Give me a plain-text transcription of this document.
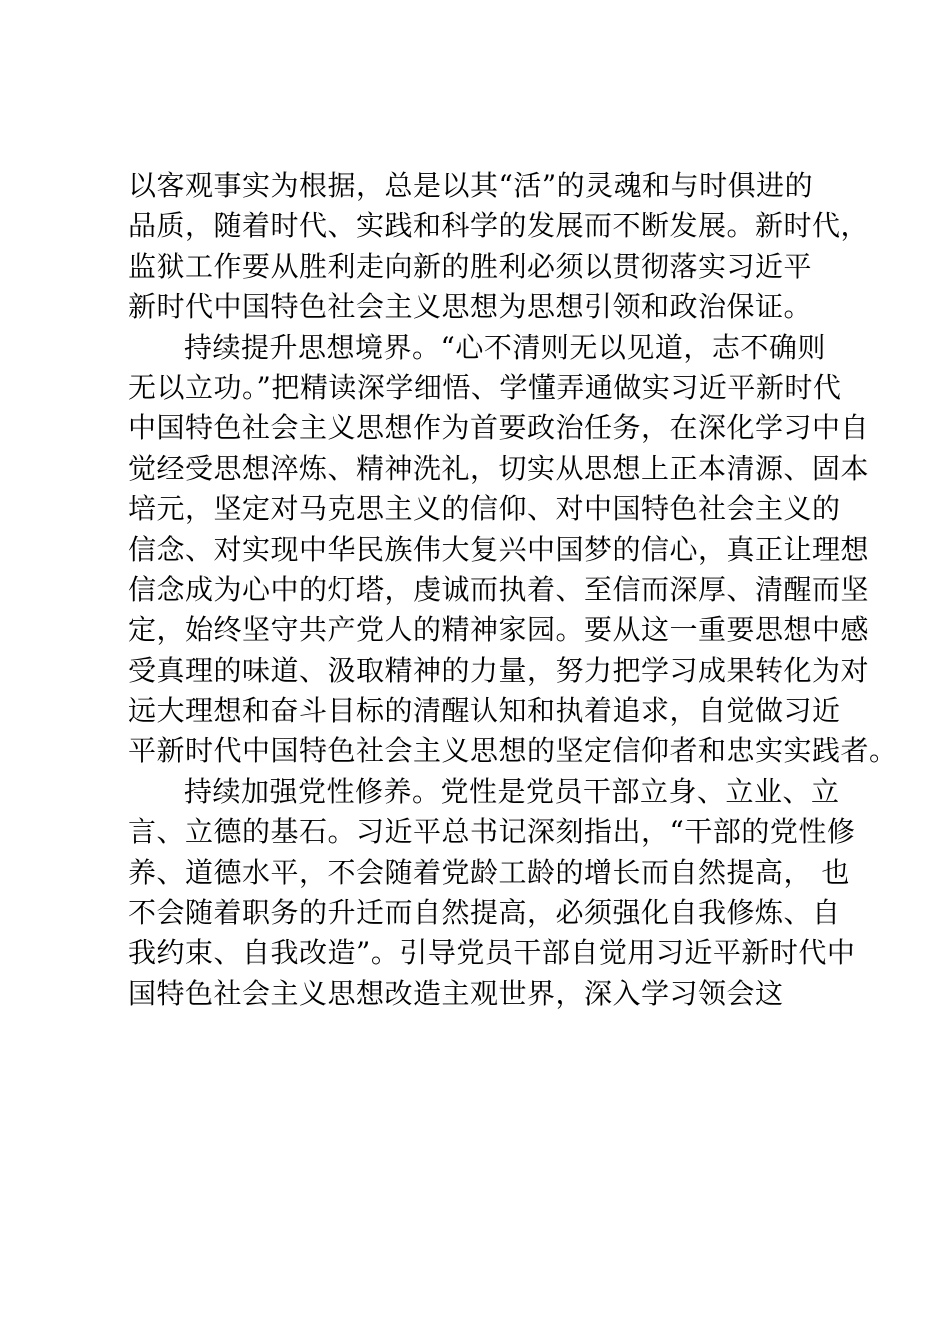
以客观事实为根据，总是以其“活”的灵魂和与时俱进的
品质，随着时代、实践和科学的发展而不断发展。新时代，
监狱工作要从胜利走向新的胜利必须以贯彻落实习近平
新时代中国特色社会主义思想为思想引领和政治保证。
持续提升思想境界。“心不清则无以见道，志不确则
无以立功。”把精读深学细悟、学懂弄通做实习近平新时代
中国特色社会主义思想作为首要政治任务，在深化学习中自
觉经受思想淬炼、精神洗礼，切实从思想上正本清源、固本
培元，坚定对马克思主义的信仰、对中国特色社会主义的
信念、对实现中华民族伟大复兴中国梦的信心，真正让理想
信念成为心中的灯塔，虔诚而执着、至信而深厚、清醒而坚
定，始终坚守共产党人的精神家园。要从这一重要思想中感
受真理的味道、汲取精神的力量，努力把学习成果转化为对
远大理想和奋斗目标的清醒认知和执着追求，自觉做习近
平新时代中国特色社会主义思想的坚定信仰者和忠实实践者。
持续加强党性修养。党性是党员干部立身、立业、立
言、立德的基石。习近平总书记深刻指出，“干部的党性修
养、道德水平，不会随着党龄工龄的增长而自然提高， 也
不会随着职务的升迁而自然提高，必须强化自我修炼、自
我约束、自我改造”。引导党员干部自觉用习近平新时代中
国特色社会主义思想改造主观世界，深入学习领会这
